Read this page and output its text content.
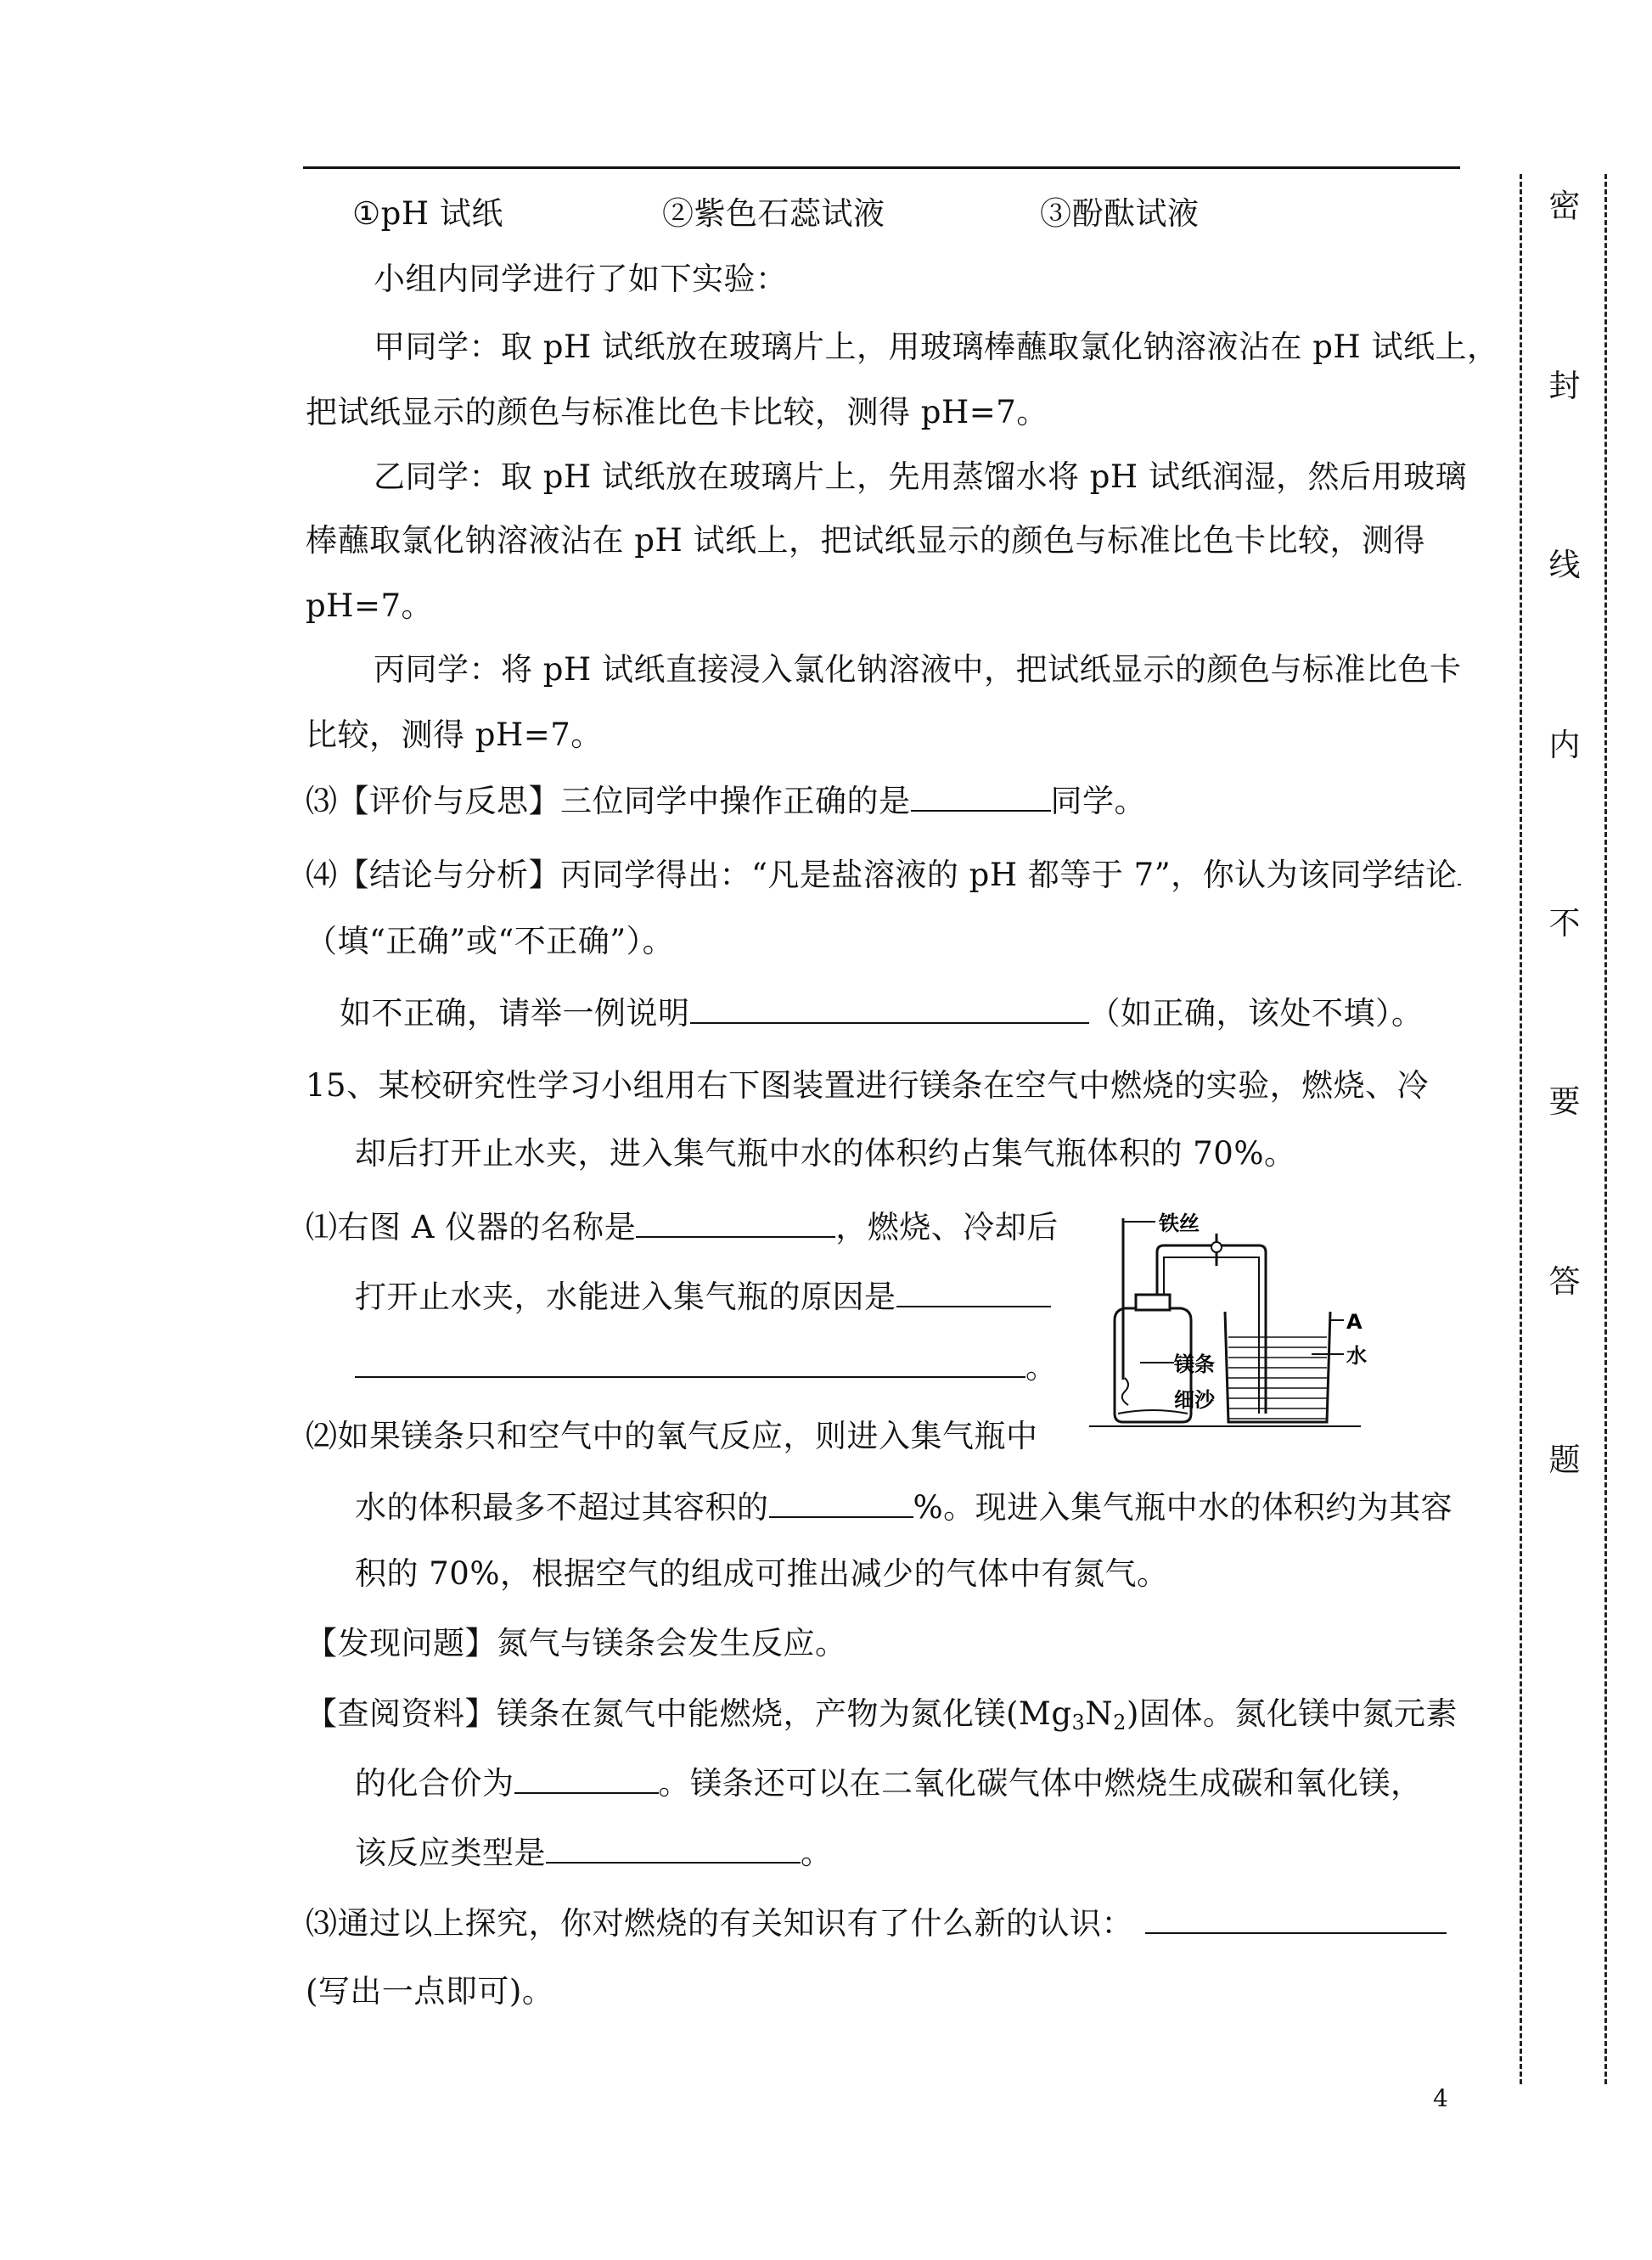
①pH 试纸	②紫色石蕊试液	③酚酞试液
小组内同学进行了如下实验：
甲同学：取 pH 试纸放在玻璃片上，用玻璃棒蘸取氯化钠溶液沾在 pH 试纸上，
把试纸显示的颜色与标准比色卡比较，测得 pH=7。
乙同学：取 pH 试纸放在玻璃片上，先用蒸馏水将 pH 试纸润湿，然后用玻璃
棒蘸取氯化钠溶液沾在 pH 试纸上，把试纸显示的颜色与标准比色卡比较，测得
pH=7。
丙同学：将 pH 试纸直接浸入氯化钠溶液中，把试纸显示的颜色与标准比色卡
比较，测得 pH=7。
⑶【评价与反思】三位同学中操作正确的是	同学。
⑷【结论与分析】丙同学得出：“凡是盐溶液的 pH 都等于 7”，你认为该同学结论
（填“正确”或“不正确”）。
如不正确，请举一例说明	（如正确，该处不填）。
15、某校研究性学习小组用右下图装置进行镁条在空气中燃烧的实验，燃烧、冷
却后打开止水夹，进入集气瓶中水的体积约占集气瓶体积的 70%。
⑴右图 A 仪器的名称是	，燃烧、冷却后
打开止水夹，水能进入集气瓶的原因是
。
⑵如果镁条只和空气中的氧气反应，则进入集气瓶中
水的体积最多不超过其容积的	%。现进入集气瓶中水的体积约为其容
积的 70%，根据空气的组成可推出减少的气体中有氮气。
【发现问题】氮气与镁条会发生反应。
【查阅资料】镁条在氮气中能燃烧，产物为氮化镁$(Mg_3N_2)$固体。氮化镁中氮元素
的化合价为	。镁条还可以在二氧化碳气体中燃烧生成碳和氧化镁，
该反应类型是	。
⑶通过以上探究，你对燃烧的有关知识有了什么新的认识：
(写出一点即可)。
铁丝
A
水
镁条
细沙
密
封
线
内
不
要
答
题
4
